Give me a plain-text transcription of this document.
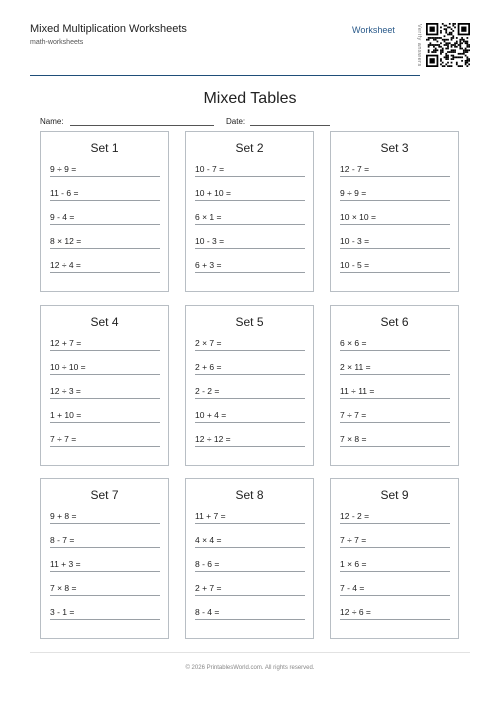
Mixed Multiplication Worksheets
math-worksheets
Worksheet	Verify answers
Mixed Tables
Name:	Date:
Set 1
9 ÷ 9 =
11 - 6 =
9 - 4 =
8 × 12 =
12 ÷ 4 =
Set 2
10 - 7 =
10 + 10 =
6 × 1 =
10 - 3 =
6 + 3 =
Set 3
12 - 7 =
9 ÷ 9 =
10 × 10 =
10 - 3 =
10 - 5 =
Set 4
12 + 7 =
10 ÷ 10 =
12 ÷ 3 =
1 + 10 =
7 ÷ 7 =
Set 5
2 × 7 =
2 + 6 =
2 - 2 =
10 + 4 =
12 ÷ 12 =
Set 6
6 × 6 =
2 × 11 =
11 ÷ 11 =
7 ÷ 7 =
7 × 8 =
Set 7
9 + 8 =
8 - 7 =
11 + 3 =
7 × 8 =
3 - 1 =
Set 8
11 + 7 =
4 × 4 =
8 - 6 =
2 + 7 =
8 - 4 =
Set 9
12 - 2 =
7 ÷ 7 =
1 × 6 =
7 - 4 =
12 ÷ 6 =
© 2026 PrintablesWorld.com. All rights reserved.
